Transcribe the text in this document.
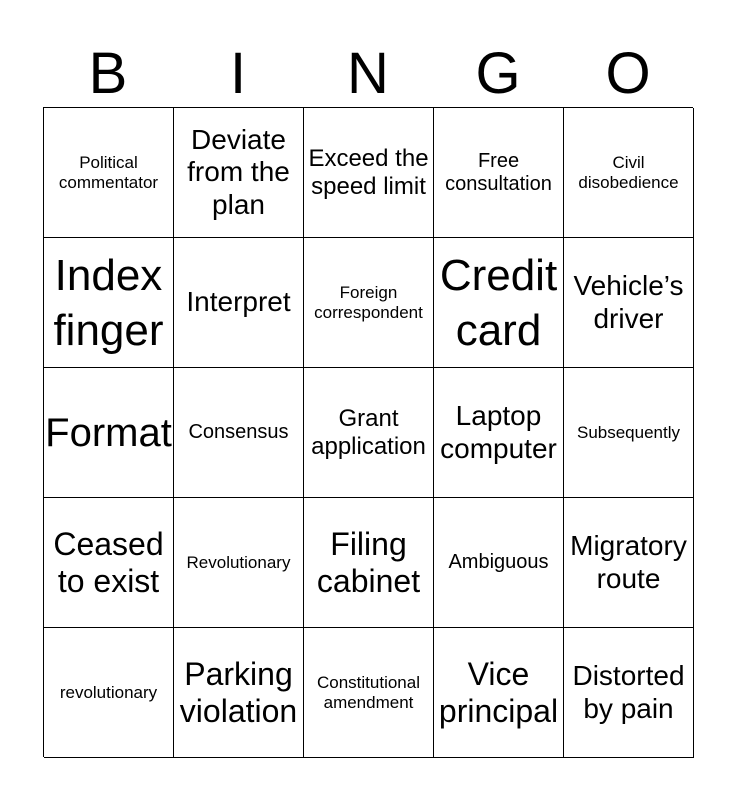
B	I	N	G	O
Political commentator
Deviate from the plan
Exceed the speed limit
Free consultation
Civil disobedience
Index finger
Interpret	Foreign correspondent
Credit card
Vehicle’s driver
Format Consensus
Grant application
Laptop computer
Subsequently
Ceased to exist
Revolutionary
Filing cabinet
Ambiguous
Migratory route
revolutionary
Parking violation
Constitutional amendment
Vice principal
Distorted by pain
